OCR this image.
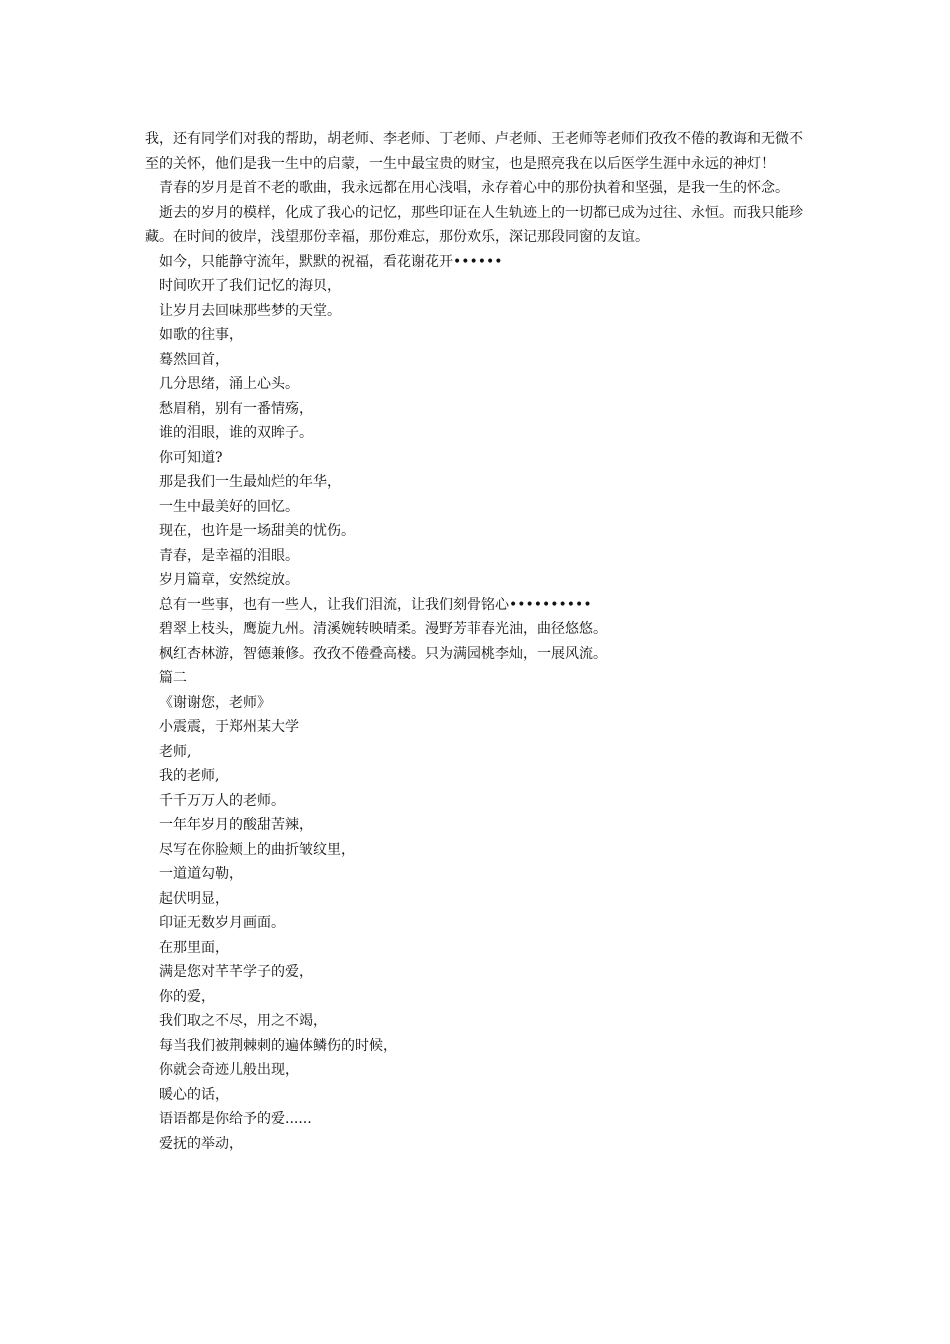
我，还有同学们对我的帮助，胡老师、李老师、丁老师、卢老师、王老师等老师们孜孜不倦的教诲和无微不至的关怀，他们是我一生中的启蒙，一生中最宝贵的财宝，也是照亮我在以后医学生涯中永远的神灯！

青春的岁月是首不老的歌曲，我永远都在用心浅唱，永存着心中的那份执着和坚强，是我一生的怀念。

逝去的岁月的模样，化成了我心的记忆，那些印证在人生轨迹上的一切都已成为过往、永恒。而我只能珍藏。在时间的彼岸，浅望那份幸福，那份难忘，那份欢乐，深记那段同窗的友谊。

如今，只能静守流年，默默的祝福，看花谢花开••••••
时间吹开了我们记忆的海贝，
让岁月去回味那些梦的天堂。
如歌的往事，
蓦然回首，
几分思绪，涌上心头。
愁眉稍，别有一番情殇，
谁的泪眼，谁的双眸子。
你可知道?
那是我们一生最灿烂的年华，
一生中最美好的回忆。
现在，也许是一场甜美的忧伤。
青春，是幸福的泪眼。
岁月篇章，安然绽放。
总有一些事，也有一些人，让我们泪流，让我们刻骨铭心••••••••••
碧翠上枝头，鹰旋九州。清溪婉转映晴柔。漫野芳菲春光油，曲径悠悠。
枫红杏林游，智德兼修。孜孜不倦叠高楼。只为满园桃李灿，一展风流。
篇二
《谢谢您，老师》
小震震，于郑州某大学
老师,
我的老师,
千千万万人的老师。
一年年岁月的酸甜苦辣，
尽写在你脸颊上的曲折皱纹里，
一道道勾勒，
起伏明显，
印证无数岁月画面。
在那里面，
满是您对芊芊学子的爱，
你的爱，
我们取之不尽，用之不竭，
每当我们被荆棘刺的遍体鳞伤的时候，
你就会奇迹儿般出现，
暖心的话，
语语都是你给予的爱......
爱抚的举动，
